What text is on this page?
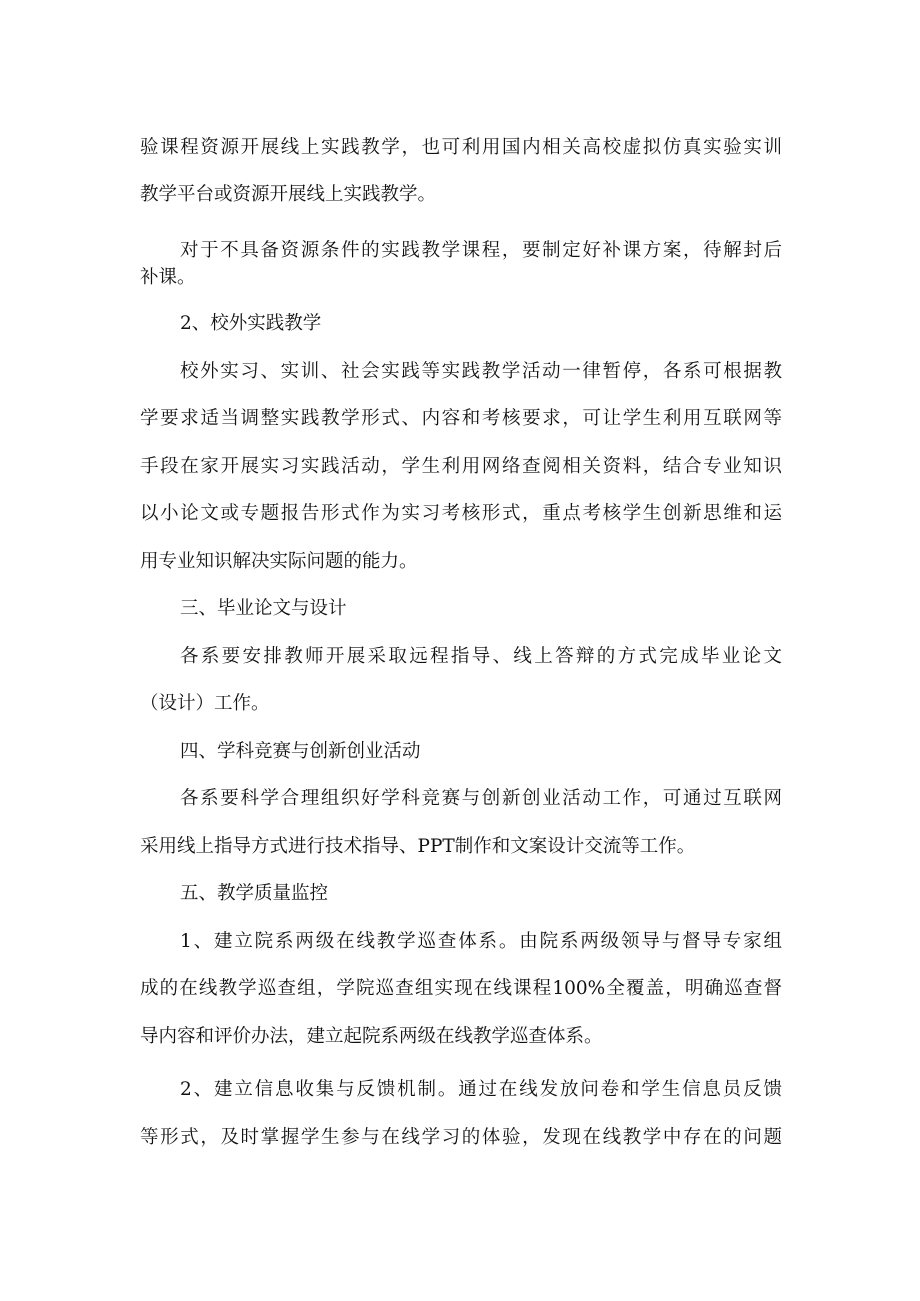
验课程资源开展线上实践教学，也可利用国内相关高校虚拟仿真实验实训
教学平台或资源开展线上实践教学。
对于不具备资源条件的实践教学课程，要制定好补课方案，待解封后
补课。
2、校外实践教学
校外实习、实训、社会实践等实践教学活动一律暂停，各系可根据教
学要求适当调整实践教学形式、内容和考核要求，可让学生利用互联网等
手段在家开展实习实践活动，学生利用网络查阅相关资料，结合专业知识
以小论文或专题报告形式作为实习考核形式，重点考核学生创新思维和运
用专业知识解决实际问题的能力。
三、毕业论文与设计
各系要安排教师开展采取远程指导、线上答辩的方式完成毕业论文
（设计）工作。
四、学科竞赛与创新创业活动
各系要科学合理组织好学科竞赛与创新创业活动工作，可通过互联网
采用线上指导方式进行技术指导、PPT制作和文案设计交流等工作。
五、教学质量监控
1、建立院系两级在线教学巡查体系。由院系两级领导与督导专家组
成的在线教学巡查组，学院巡查组实现在线课程100%全覆盖，明确巡查督
导内容和评价办法，建立起院系两级在线教学巡查体系。
2、建立信息收集与反馈机制。通过在线发放问卷和学生信息员反馈
等形式，及时掌握学生参与在线学习的体验，发现在线教学中存在的问题
